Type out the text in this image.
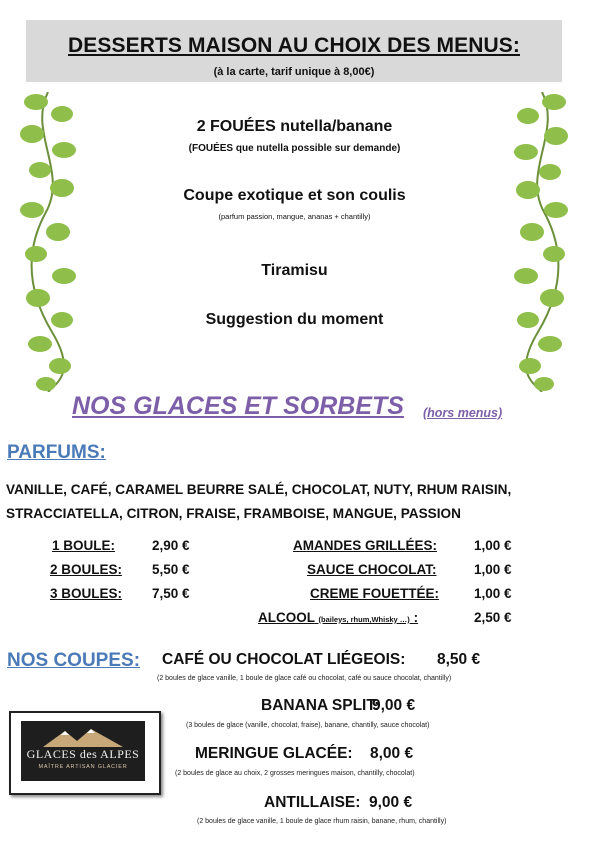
DESSERTS MAISON AU CHOIX DES MENUS:
(à la carte, tarif unique à 8,00€)
2 FOUÉES nutella/banane
(FOUÉES que nutella possible sur demande)
Coupe exotique et son coulis
(parfum passion, mangue, ananas + chantilly)
Tiramisu
Suggestion du moment
NOS GLACES ET SORBETS (hors menus)
PARFUMS:
VANILLE, CAFÉ, CARAMEL BEURRE SALÉ, CHOCOLAT, NUTY, RHUM RAISIN,
STRACCIATELLA, CITRON, FRAISE, FRAMBOISE, MANGUE, PASSION
1 BOULE:	2,90 €
2 BOULES: 5,50 €
3 BOULES: 7,50 €
AMANDES GRILLÉES:	1,00 €
SAUCE CHOCOLAT:	1,00 €
CREME FOUETTÉE:	1,00 €
ALCOOL (baileys, rhum,Whisky …) :	2,50 €
NOS COUPES: CAFÉ OU CHOCOLAT LIÉGEOIS: 8,50 €
(2 boules de glace vanille, 1 boule de glace café ou chocolat, café ou sauce chocolat, chantilly)
BANANA SPLIT:
9,00 €
(3 boules de glace (vanille, chocolat, fraise), banane, chantilly, sauce chocolat)
MERINGUE GLACÉE: 8,00 €
(2 boules de glace au choix, 2 grosses meringues maison, chantilly, chocolat)
ANTILLAISE: 9,00 €
(2 boules de glace vanille, 1 boule de glace rhum raisin, banane, rhum, chantilly)
GLACES des ALPES
MAÎTRE ARTISAN GLACIER
